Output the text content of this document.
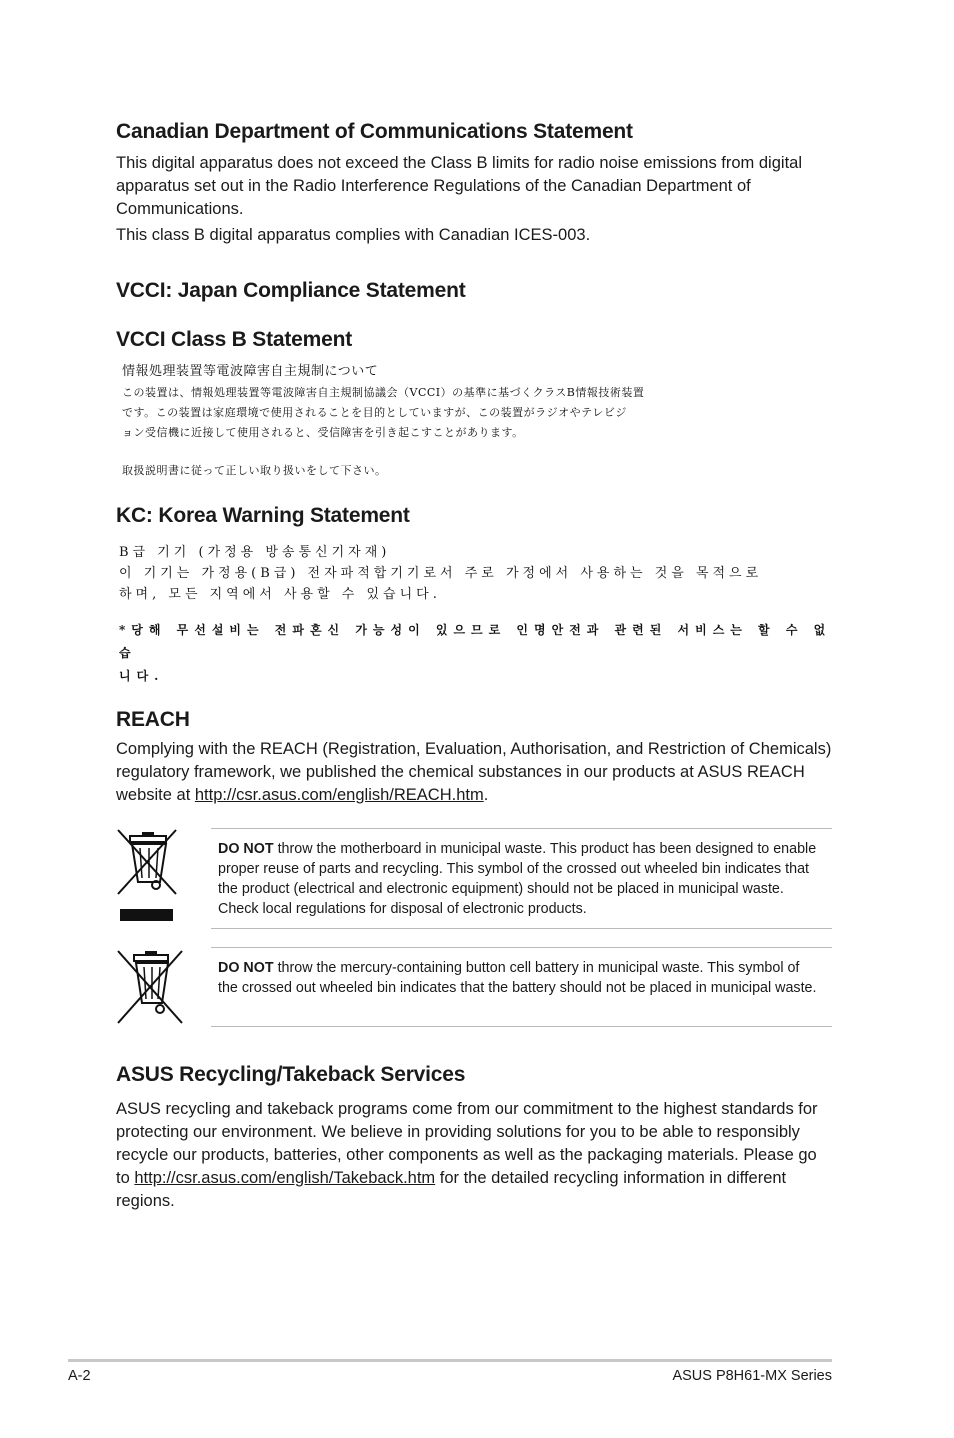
Canadian Department of Communications Statement

This digital apparatus does not exceed the Class B limits for radio noise emissions from digital apparatus set out in the Radio Interference Regulations of the Canadian Department of Communications.

This class B digital apparatus complies with Canadian ICES-003.

VCCI: Japan Compliance Statement
VCCI Class B Statement
情報処理装置等電波障害自主規制について
この装置は、情報処理装置等電波障害自主規制協議会（VCCI）の基準に基づくクラスB情報技術装置
です。この装置は家庭環境で使用されることを目的としていますが、この装置がラジオやテレビジ
ョン受信機に近接して使用されると、受信障害を引き起こすことがあります。
取扱説明書に従って正しい取り扱いをして下さい。
KC: Korea Warning Statement
B급 기기 (가정용 방송통신기자재)
이 기기는 가정용(B급) 전자파적합기기로서 주로 가정에서 사용하는 것을 목적으로
하며, 모든 지역에서 사용할 수 있습니다.
*당해 무선설비는 전파혼신 가능성이 있으므로 인명안전과 관련된 서비스는 할 수 없습
니다.
REACH

Complying with the REACH (Registration, Evaluation, Authorisation, and Restriction of Chemicals) regulatory framework, we published the chemical substances in our products at ASUS REACH website at http://csr.asus.com/english/REACH.htm.

DO NOT throw the motherboard in municipal waste. This product has been designed to enable proper reuse of parts and recycling. This symbol of the crossed out wheeled bin indicates that the product (electrical and electronic equipment) should not be placed in municipal waste. Check local regulations for disposal of electronic products.
DO NOT throw the mercury-containing button cell battery in municipal waste. This symbol of the crossed out wheeled bin indicates that the battery should not be placed in municipal waste.
ASUS Recycling/Takeback Services

ASUS recycling and takeback programs come from our commitment to the highest standards for protecting our environment. We believe in providing solutions for you to be able to responsibly recycle our products, batteries, other components as well as the packaging materials. Please go to http://csr.asus.com/english/Takeback.htm for the detailed recycling information in different regions.

A-2	ASUS P8H61-MX Series
